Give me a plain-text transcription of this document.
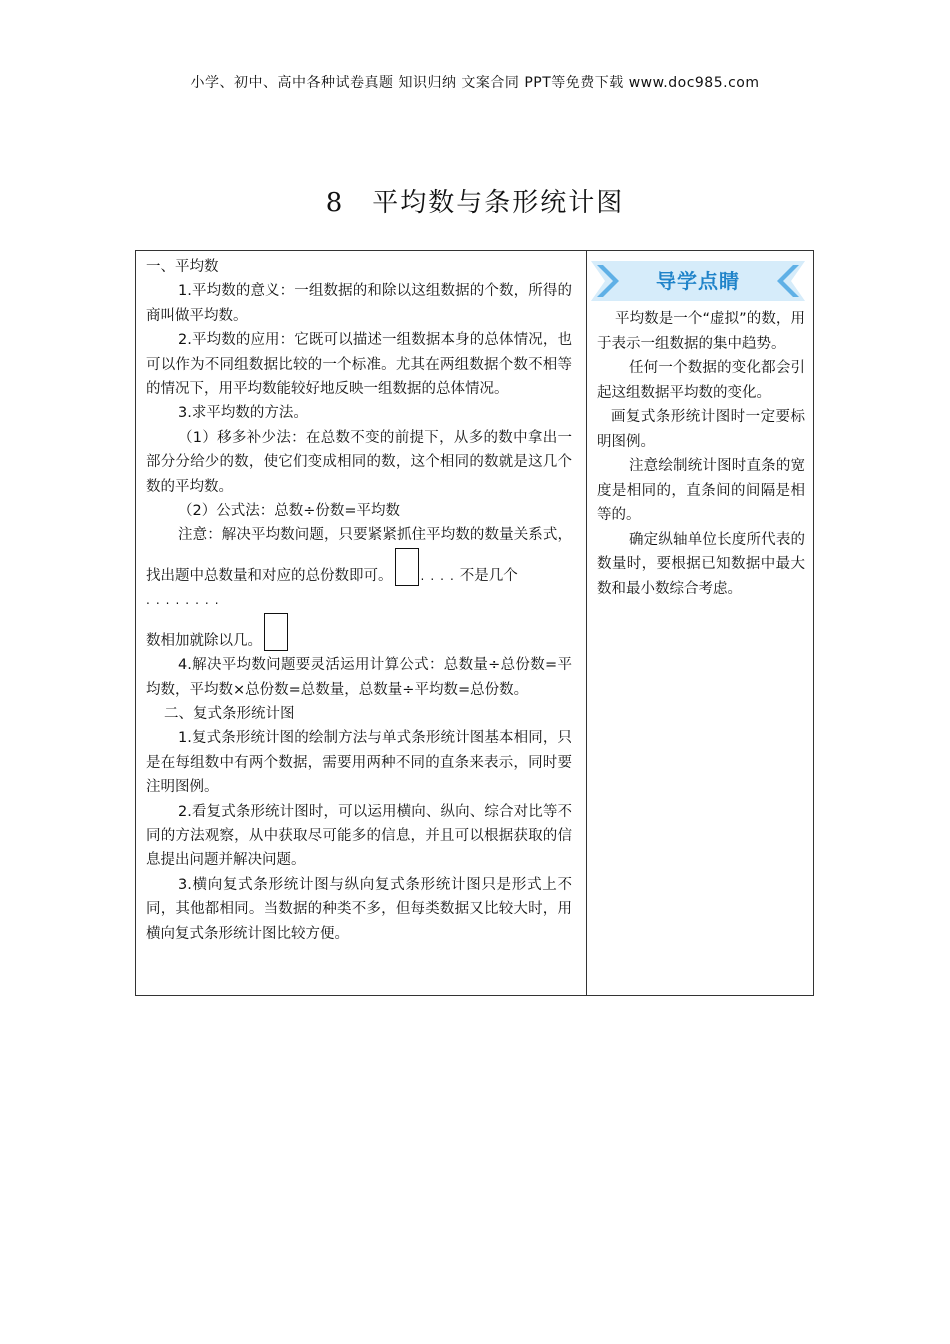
小学、初中、高中各种试卷真题 知识归纳 文案合同 PPT等免费下载 www.doc985.com
8 平均数与条形统计图

一、平均数

1.平均数的意义：一组数据的和除以这组数据的个数，所得的商叫做平均数。

2.平均数的应用：它既可以描述一组数据本身的总体情况，也可以作为不同组数据比较的一个标准。尤其在两组数据个数不相等的情况下，用平均数能较好地反映一组数据的总体情况。

3.求平均数的方法。

（1）移多补少法：在总数不变的前提下，从多的数中拿出一部分分给少的数，使它们变成相同的数，这个相同的数就是这几个数的平均数。

（2）公式法：总数÷份数=平均数

注意：解决平均数问题，只要紧紧抓住平均数的数量关系式，找出题中总数量和对应的总份数即可。 ....不是几个
........
数相加就除以几。

4.解决平均数问题要灵活运用计算公式：总数量÷总份数=平均数，平均数×总份数=总数量，总数量÷平均数=总份数。

二、复式条形统计图

1.复式条形统计图的绘制方法与单式条形统计图基本相同，只是在每组数中有两个数据，需要用两种不同的直条来表示，同时要注明图例。

2.看复式条形统计图时，可以运用横向、纵向、综合对比等不同的方法观察，从中获取尽可能多的信息，并且可以根据获取的信息提出问题并解决问题。

3.横向复式条形统计图与纵向复式条形统计图只是形式上不同，其他都相同。当数据的种类不多，但每类数据又比较大时，用横向复式条形统计图比较方便。

导学点睛

平均数是一个“虚拟”的数，用于表示一组数据的集中趋势。

任何一个数据的变化都会引起这组数据平均数的变化。

画复式条形统计图时一定要标明图例。

注意绘制统计图时直条的宽度是相同的，直条间的间隔是相等的。

确定纵轴单位长度所代表的数量时，要根据已知数据中最大数和最小数综合考虑。
